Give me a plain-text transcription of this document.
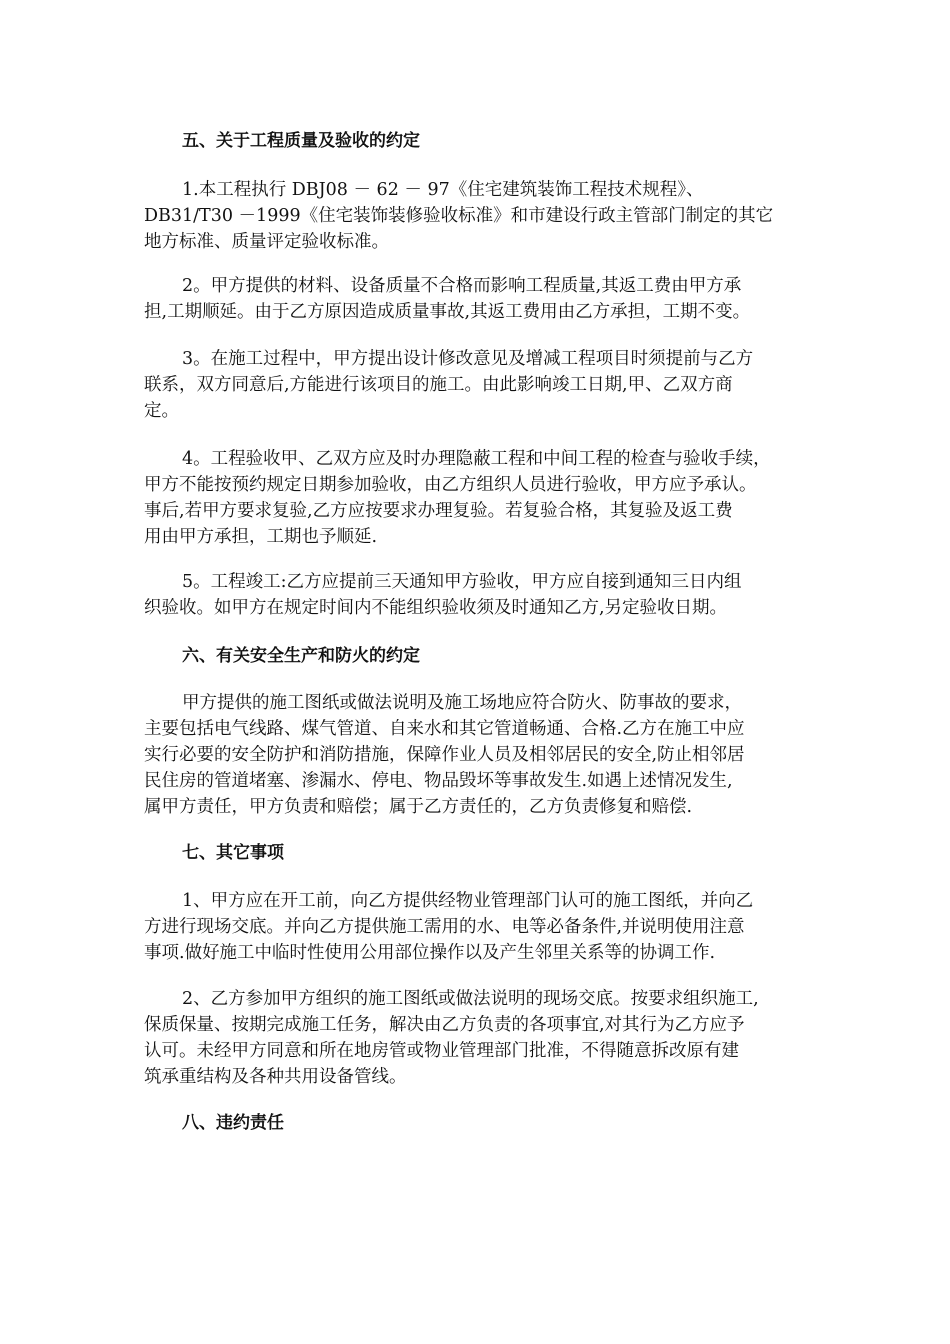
五、关于工程质量及验收的约定
1.本工程执行 DBJ08 － 62 － 97《住宅建筑装饰工程技术规程》、
DB31/T30 －1999《住宅装饰装修验收标准》和市建设行政主管部门制定的其它
地方标准、质量评定验收标准。
2。甲方提供的材料、设备质量不合格而影响工程质量,其返工费由甲方承
担,工期顺延。由于乙方原因造成质量事故,其返工费用由乙方承担，工期不变。
3。在施工过程中，甲方提出设计修改意见及增减工程项目时须提前与乙方
联系，双方同意后,方能进行该项目的施工。由此影响竣工日期,甲、乙双方商
定。
4。工程验收甲、乙双方应及时办理隐蔽工程和中间工程的检查与验收手续，
甲方不能按预约规定日期参加验收，由乙方组织人员进行验收，甲方应予承认。
事后,若甲方要求复验,乙方应按要求办理复验。若复验合格，其复验及返工费
用由甲方承担，工期也予顺延.
5。工程竣工:乙方应提前三天通知甲方验收，甲方应自接到通知三日内组
织验收。如甲方在规定时间内不能组织验收须及时通知乙方,另定验收日期。
六、有关安全生产和防火的约定
甲方提供的施工图纸或做法说明及施工场地应符合防火、防事故的要求，
主要包括电气线路、煤气管道、自来水和其它管道畅通、合格.乙方在施工中应
实行必要的安全防护和消防措施，保障作业人员及相邻居民的安全,防止相邻居
民住房的管道堵塞、渗漏水、停电、物品毁坏等事故发生.如遇上述情况发生,
属甲方责任，甲方负责和赔偿；属于乙方责任的，乙方负责修复和赔偿.
七、其它事项
1、甲方应在开工前，向乙方提供经物业管理部门认可的施工图纸，并向乙
方进行现场交底。并向乙方提供施工需用的水、电等必备条件,并说明使用注意
事项.做好施工中临时性使用公用部位操作以及产生邻里关系等的协调工作.
2、乙方参加甲方组织的施工图纸或做法说明的现场交底。按要求组织施工,
保质保量、按期完成施工任务，解决由乙方负责的各项事宜,对其行为乙方应予
认可。未经甲方同意和所在地房管或物业管理部门批准，不得随意拆改原有建
筑承重结构及各种共用设备管线。
八、违约责任
